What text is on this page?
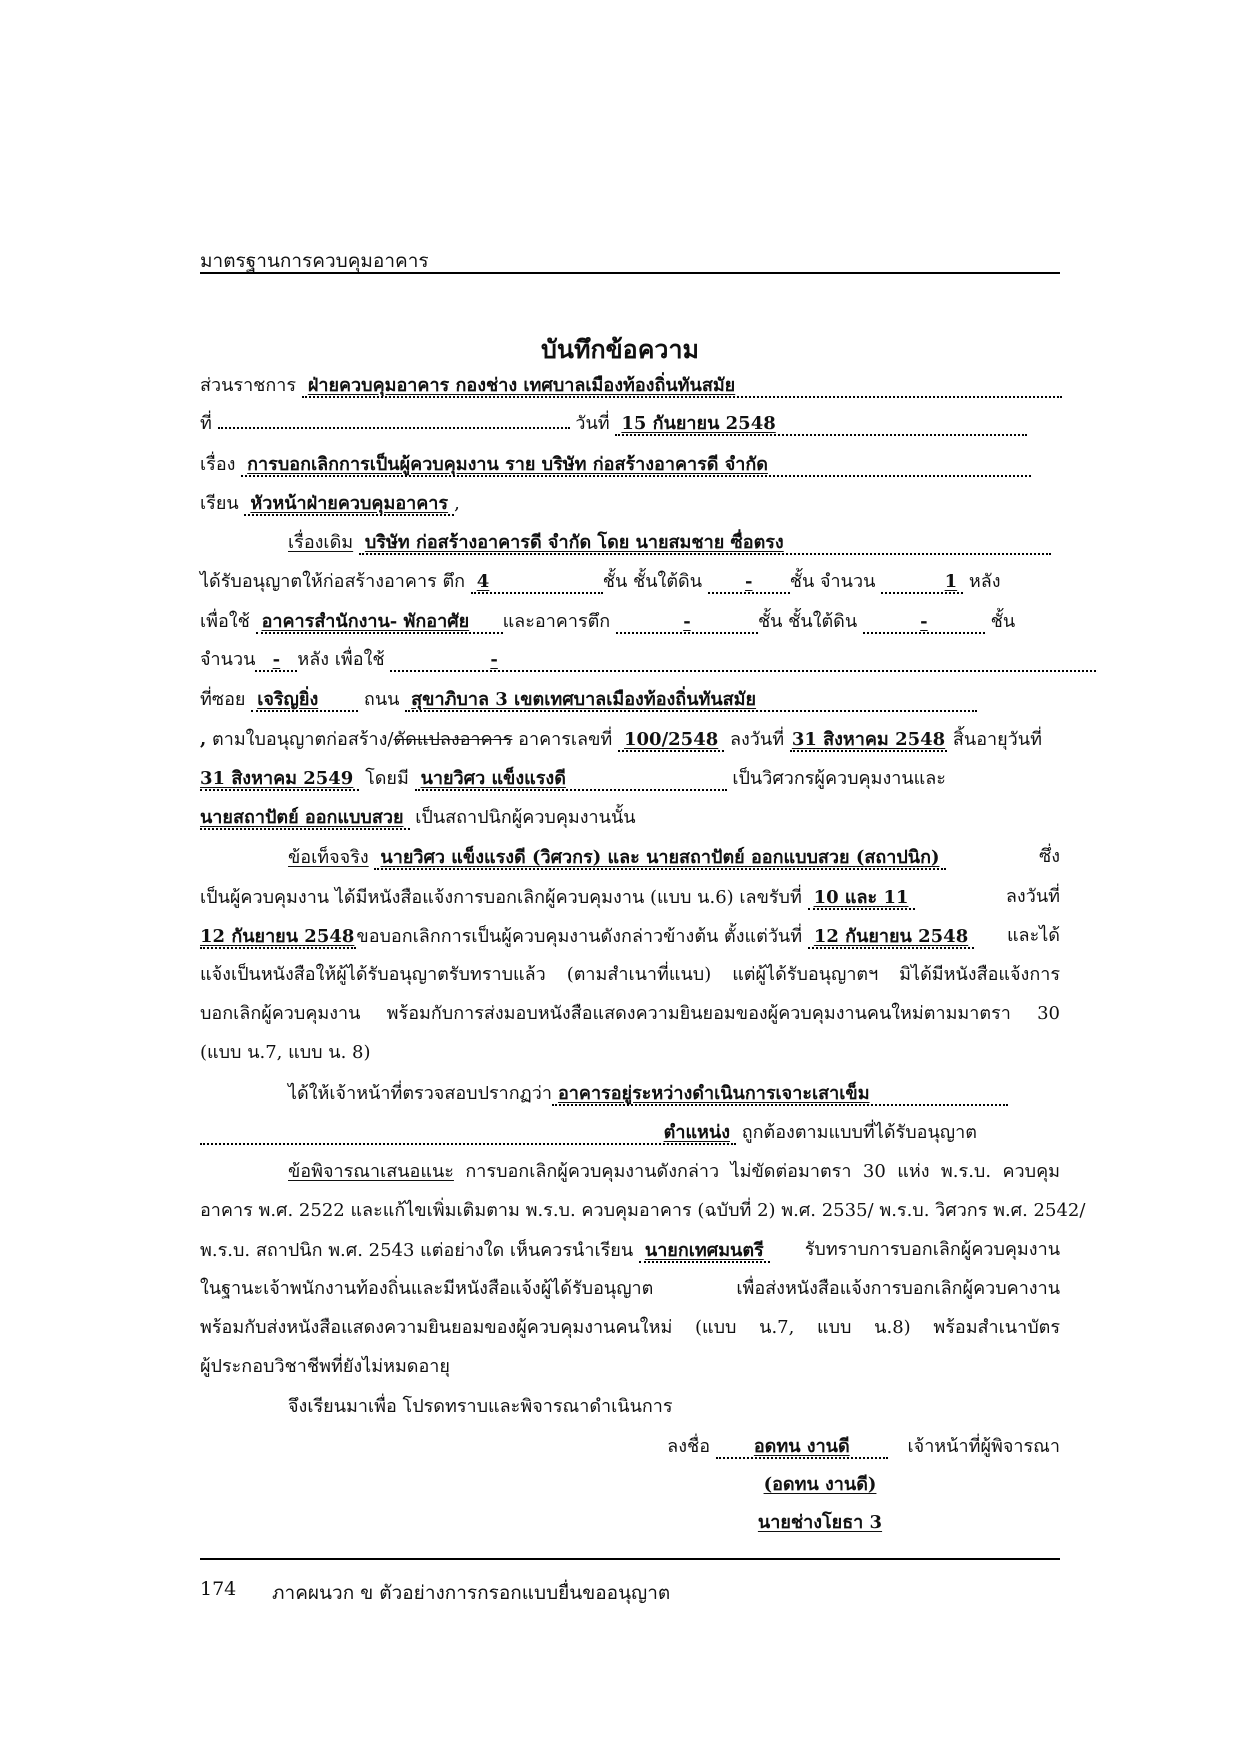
มาตรฐานการควบคุมอาคาร
บันทึกข้อความ
ส่วนราชการ ฝ่ายควบคุมอาคาร กองช่าง เทศบาลเมืองท้องถิ่นทันสมัย
ที่	วันที่ 15 กันยายน 2548
เรื่อง การบอกเลิกการเป็นผู้ควบคุมงาน ราย บริษัท ก่อสร้างอาคารดี จำกัด
เรียน หัวหน้าฝ่ายควบคุมอาคาร ,
เรื่องเดิม บริษัท ก่อสร้างอาคารดี จำกัด โดย นายสมชาย ซื่อตรง
ได้รับอนุญาตให้ก่อสร้างอาคาร ตึก 4	ชั้น ชั้นใต้ดิน - ชั้น จำนวน	1 หลัง
เพื่อใช้ อาคารสำนักงาน- พักอาศัย และอาคารตึก	-	ชั้น ชั้นใต้ดิน	-	ชั้น
จำนวน - หลัง เพื่อใช้	-
ที่ซอย เจริญยิ่ง	ถนน สุขาภิบาล 3 เขตเทศบาลเมืองท้องถิ่นทันสมัย
, ตามใบอนุญาตก่อสร้าง/ดัดแปลงอาคาร อาคารเลขที่ 100/2548 ลงวันที่ 31 สิงหาคม 2548 สิ้นอายุวันที่
31 สิงหาคม 2549 โดยมี นายวิศว แข็งแรงดี	เป็นวิศวกรผู้ควบคุมงานและ
นายสถาปัตย์ ออกแบบสวย เป็นสถาปนิกผู้ควบคุมงานนั้น
ข้อเท็จจริง นายวิศว แข็งแรงดี (วิศวกร) และ นายสถาปัตย์ ออกแบบสวย (สถาปนิก)	ซึ่ง
เป็นผู้ควบคุมงาน ได้มีหนังสือแจ้งการบอกเลิกผู้ควบคุมงาน (แบบ น.6) เลขรับที่ 10 และ 11	ลงวันที่
12 กันยายน 2548 ขอบอกเลิกการเป็นผู้ควบคุมงานดังกล่าวข้างต้น ตั้งแต่วันที่ 12 กันยายน 2548 และได้
แจ้งเป็นหนังสือให้ผู้ได้รับอนุญาตรับทราบแล้ว (ตามสำเนาที่แนบ) แต่ผู้ได้รับอนุญาตฯ มิได้มีหนังสือแจ้งการ
บอกเลิกผู้ควบคุมงาน พร้อมกับการส่งมอบหนังสือแสดงความยินยอมของผู้ควบคุมงานคนใหม่ตามมาตรา 30
(แบบ น.7, แบบ น. 8)
ได้ให้เจ้าหน้าที่ตรวจสอบปรากฏว่า อาคารอยู่ระหว่างดำเนินการเจาะเสาเข็ม
ตำแหน่ง ถูกต้องตามแบบที่ได้รับอนุญาต
ข้อพิจารณาเสนอแนะ การบอกเลิกผู้ควบคุมงานดังกล่าว ไม่ขัดต่อมาตรา 30 แห่ง พ.ร.บ. ควบคุม
อาคาร พ.ศ. 2522 และแก้ไขเพิ่มเติมตาม พ.ร.บ. ควบคุมอาคาร (ฉบับที่ 2) พ.ศ. 2535/ พ.ร.บ. วิศวกร พ.ศ. 2542/
พ.ร.บ. สถาปนิก พ.ศ. 2543 แต่อย่างใด เห็นควรนำเรียน นายกเทศมนตรี รับทราบการบอกเลิกผู้ควบคุมงาน
ในฐานะเจ้าพนักงานท้องถิ่นและมีหนังสือแจ้งผู้ได้รับอนุญาต เพื่อส่งหนังสือแจ้งการบอกเลิกผู้ควบคางาน
พร้อมกับส่งหนังสือแสดงความยินยอมของผู้ควบคุมงานคนใหม่ (แบบ น.7, แบบ น.8) พร้อมสำเนาบัตร
ผู้ประกอบวิชาชีพที่ยังไม่หมดอายุ
จึงเรียนมาเพื่อ โปรดทราบและพิจารณาดำเนินการ
ลงชื่อ อดทน งานดี	เจ้าหน้าที่ผู้พิจารณา
(อดทน งานดี)
นายช่างโยธา 3
174 ภาคผนวก ข ตัวอย่างการกรอกแบบยื่นขออนุญาต
